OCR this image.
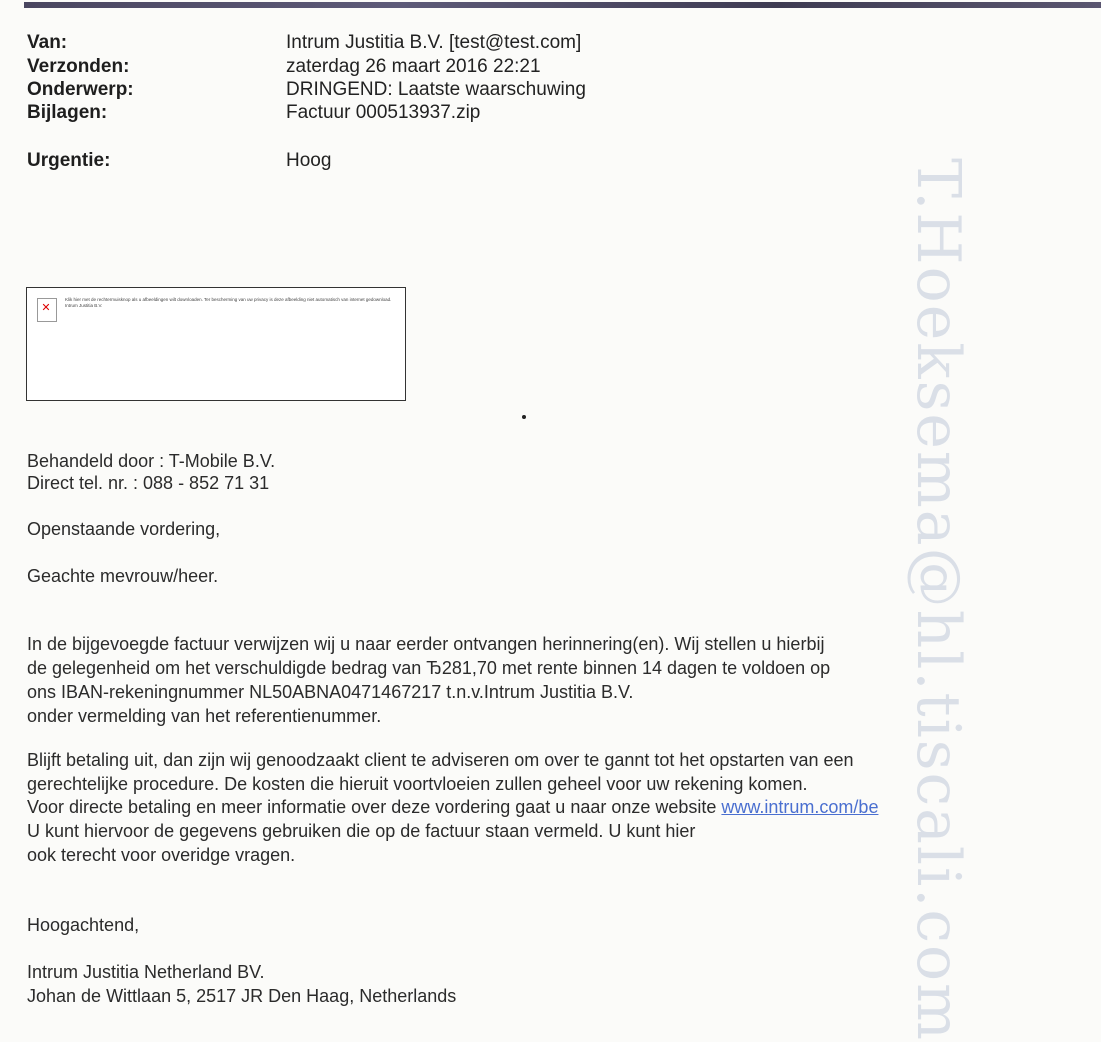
Van:	Intrum Justitia B.V. [test@test.com]
Verzonden:	zaterdag 26 maart 2016 22:21
Onderwerp:	DRINGEND: Laatste waarschuwing
Bijlagen:	Factuur 000513937.zip
Urgentie:	Hoog
✕
Klik hier met de rechtermuisknop als u afbeeldingen wilt downloaden. Ter bescherming van uw privacy is deze afbeelding niet automatisch van internet gedownload. Intrum Justitia B.V.
Behandeld door : T-Mobile B.V.
Direct tel. nr. : 088 - 852 71 31
Openstaande vordering,
Geachte mevrouw/heer.
In de bijgevoegde factuur verwijzen wij u naar eerder ontvangen herinnering(en). Wij stellen u hierbij
de gelegenheid om het verschuldigde bedrag van Ђ281,70 met rente binnen 14 dagen te voldoen op
ons IBAN-rekeningnummer NL50ABNA0471467217 t.n.v.Intrum Justitia B.V.
onder vermelding van het referentienummer.
Blijft betaling uit, dan zijn wij genoodzaakt client te adviseren om over te gannt tot het opstarten van een
gerechtelijke procedure. De kosten die hieruit voortvloeien zullen geheel voor uw rekening komen.
Voor directe betaling en meer informatie over deze vordering gaat u naar onze website www.intrum.com/be
U kunt hiervoor de gegevens gebruiken die op de factuur staan vermeld. U kunt hier
ook terecht voor overidge vragen.
Hoogachtend,
Intrum Justitia Netherland BV.
Johan de Wittlaan 5, 2517 JR Den Haag, Netherlands	T.Hoeksema@hl.tiscali.com
